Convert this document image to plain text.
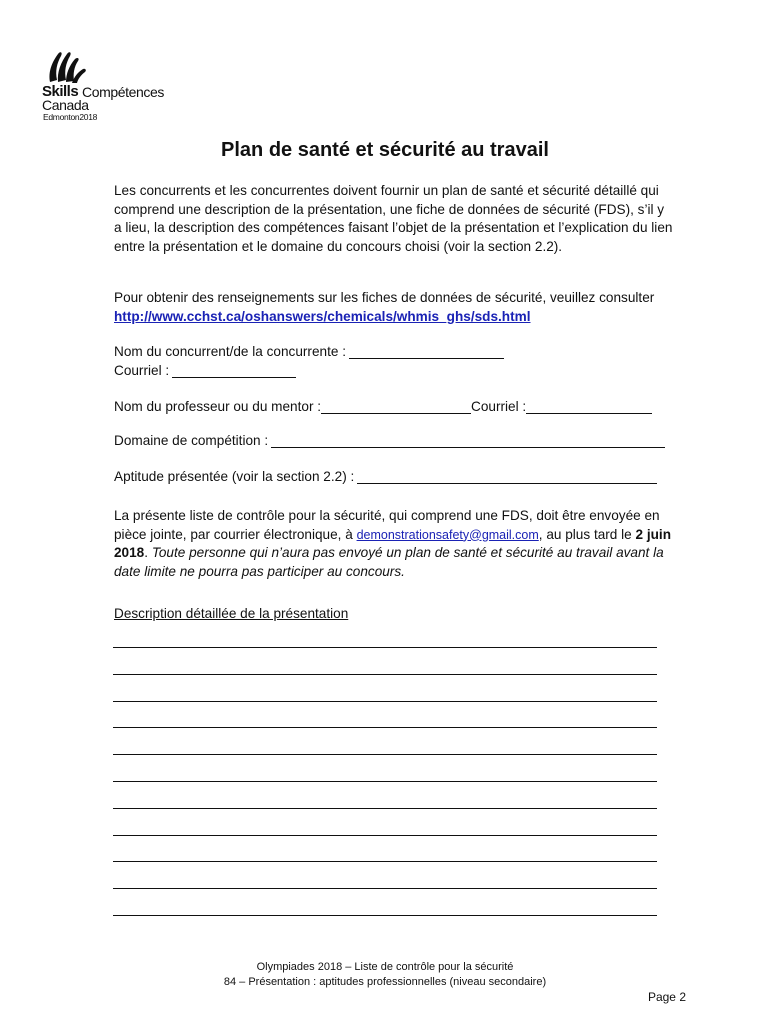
Skills Compétences
Canada
Edmonton2018
Plan de santé et sécurité au travail

Les concurrents et les concurrentes doivent fournir un plan de santé et sécurité détaillé qui comprend une description de la présentation, une fiche de données de sécurité (FDS), s’il y a lieu, la description des compétences faisant l’objet de la présentation et l’explication du lien entre la présentation et le domaine du concours choisi (voir la section 2.2).

Pour obtenir des renseignements sur les fiches de données de sécurité, veuillez consulter http://www.cchst.ca/oshanswers/chemicals/whmis_ghs/sds.html

Nom du concurrent/de la concurrente :
Courriel :
Nom du professeur ou du mentor :	Courriel :
Domaine de compétition :
Aptitude présentée (voir la section 2.2) :

La présente liste de contrôle pour la sécurité, qui comprend une FDS, doit être envoyée en pièce jointe, par courrier électronique, à demonstrationsafety@gmail.com, au plus tard le 2 juin 2018. Toute personne qui n’aura pas envoyé un plan de santé et sécurité au travail avant la date limite ne pourra pas participer au concours.

Description détaillée de la présentation
Olympiades 2018 – Liste de contrôle pour la sécurité
84 – Présentation : aptitudes professionnelles (niveau secondaire)
Page 2
